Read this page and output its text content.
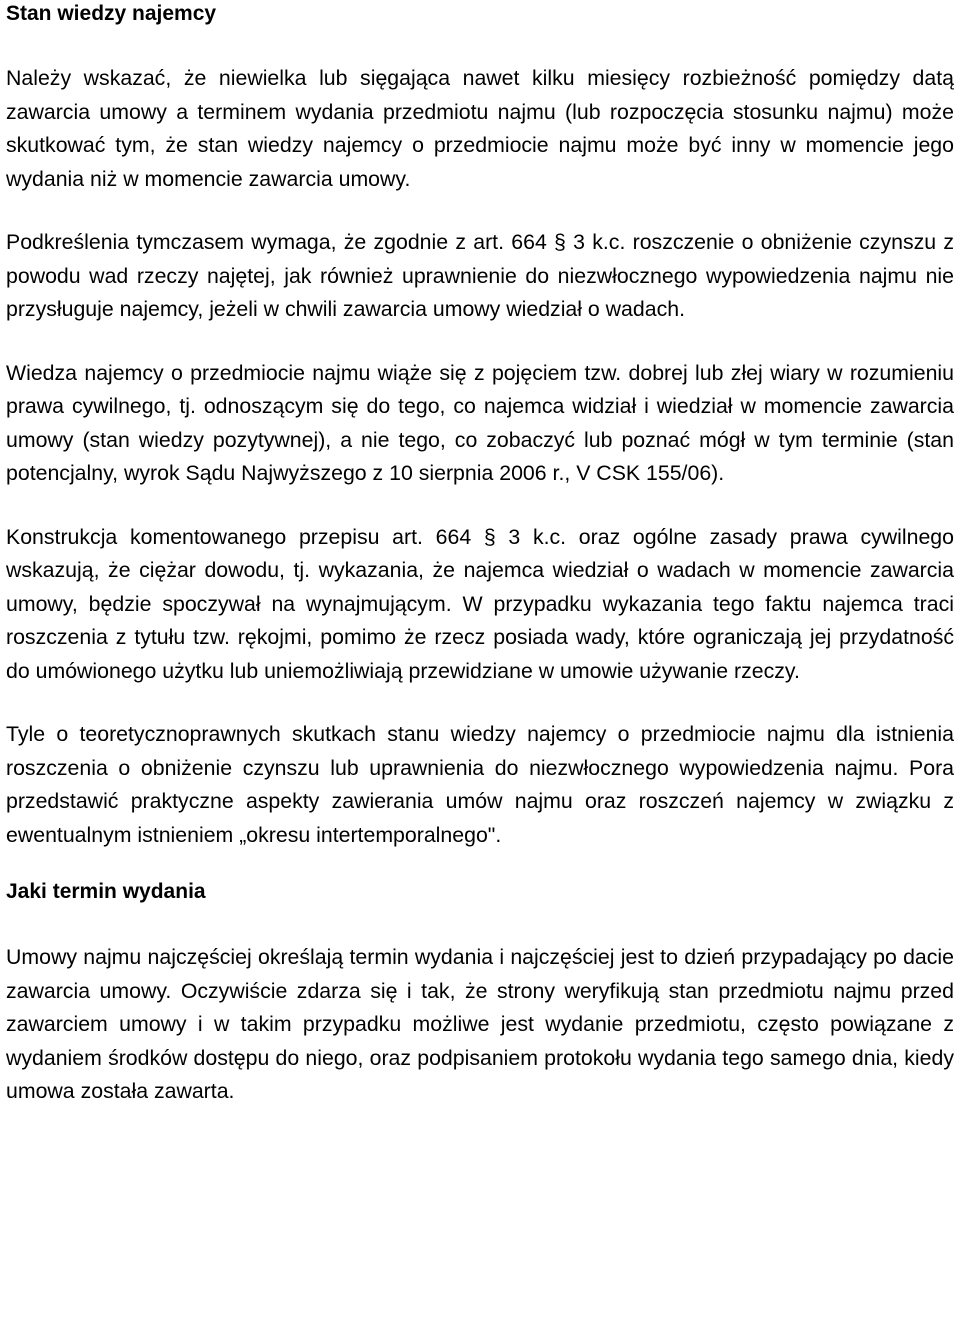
Stan wiedzy najemcy

Należy wskazać, że niewielka lub sięgająca nawet kilku miesięcy rozbieżność pomiędzy datą zawarcia umowy a terminem wydania przedmiotu najmu (lub rozpoczęcia stosunku najmu) może skutkować tym, że stan wiedzy najemcy o przedmiocie najmu może być inny w momencie jego wydania niż w momencie zawarcia umowy.

Podkreślenia tymczasem wymaga, że zgodnie z art. 664 § 3 k.c. roszczenie o obniżenie czynszu z powodu wad rzeczy najętej, jak również uprawnienie do niezwłocznego wypowiedzenia najmu nie przysługuje najemcy, jeżeli w chwili zawarcia umowy wiedział o wadach.

Wiedza najemcy o przedmiocie najmu wiąże się z pojęciem tzw. dobrej lub złej wiary w rozumieniu prawa cywilnego, tj. odnoszącym się do tego, co najemca widział i wiedział w momencie zawarcia umowy (stan wiedzy pozytywnej), a nie tego, co zobaczyć lub poznać mógł w tym terminie (stan potencjalny, wyrok Sądu Najwyższego z 10 sierpnia 2006 r., V CSK 155/06).

Konstrukcja komentowanego przepisu art. 664 § 3 k.c. oraz ogólne zasady prawa cywilnego wskazują, że ciężar dowodu, tj. wykazania, że najemca wiedział o wadach w momencie zawarcia umowy, będzie spoczywał na wynajmującym. W przypadku wykazania tego faktu najemca traci roszczenia z tytułu tzw. rękojmi, pomimo że rzecz posiada wady, które ograniczają jej przydatność do umówionego użytku lub uniemożliwiają przewidziane w umowie używanie rzeczy.

Tyle o teoretycznoprawnych skutkach stanu wiedzy najemcy o przedmiocie najmu dla istnienia roszczenia o obniżenie czynszu lub uprawnienia do niezwłocznego wypowiedzenia najmu. Pora przedstawić praktyczne aspekty zawierania umów najmu oraz roszczeń najemcy w związku z ewentualnym istnieniem „okresu intertemporalnego".

Jaki termin wydania

Umowy najmu najczęściej określają termin wydania i najczęściej jest to dzień przypadający po dacie zawarcia umowy. Oczywiście zdarza się i tak, że strony weryfikują stan przedmiotu najmu przed zawarciem umowy i w takim przypadku możliwe jest wydanie przedmiotu, często powiązane z wydaniem środków dostępu do niego, oraz podpisaniem protokołu wydania tego samego dnia, kiedy umowa została zawarta.
